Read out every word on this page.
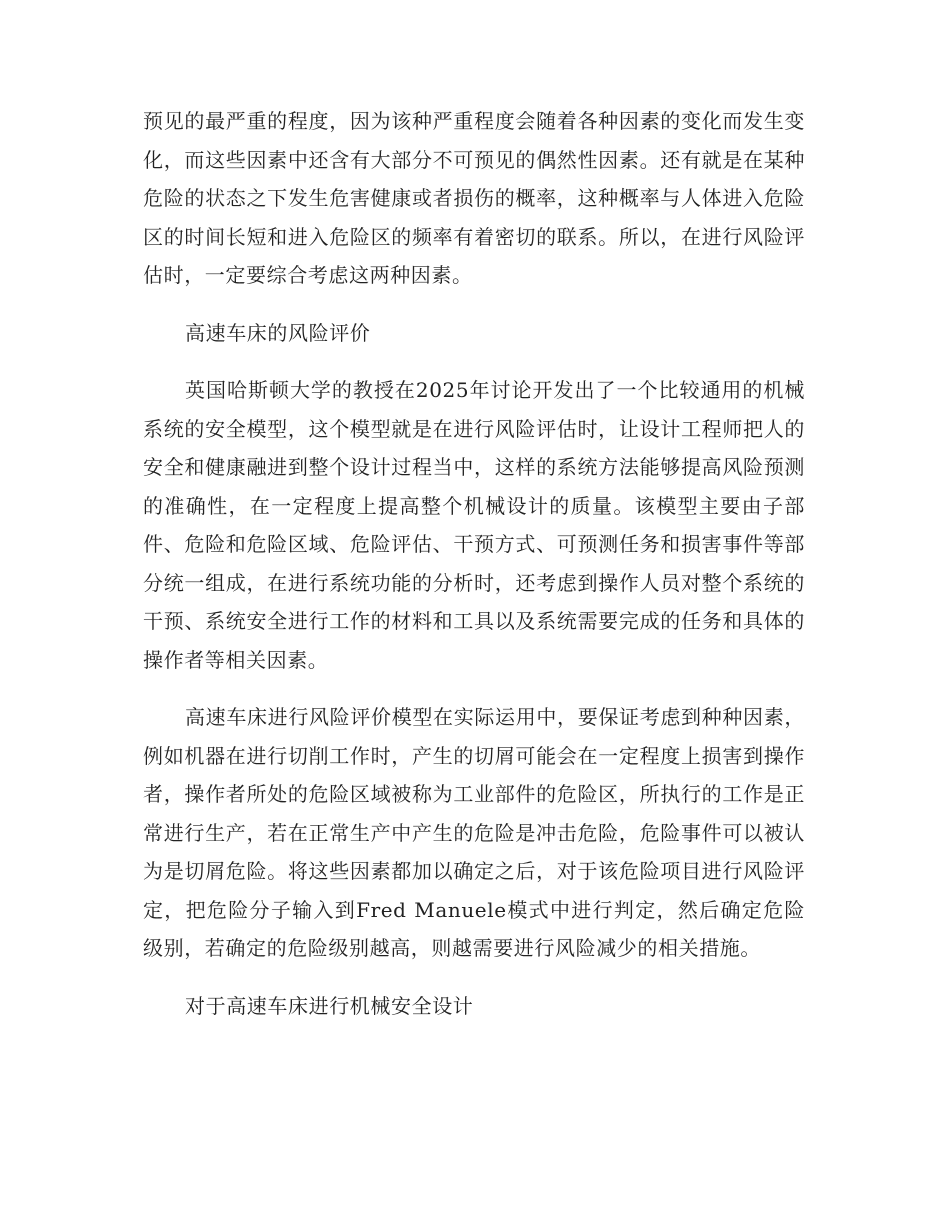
预见的最严重的程度，因为该种严重程度会随着各种因素的变化而发生变化，而这些因素中还含有大部分不可预见的偶然性因素。还有就是在某种危险的状态之下发生危害健康或者损伤的概率，这种概率与人体进入危险区的时间长短和进入危险区的频率有着密切的联系。所以，在进行风险评估时，一定要综合考虑这两种因素。

高速车床的风险评价

英国哈斯顿大学的教授在2025年讨论开发出了一个比较通用的机械系统的安全模型，这个模型就是在进行风险评估时，让设计工程师把人的安全和健康融进到整个设计过程当中，这样的系统方法能够提高风险预测的准确性，在一定程度上提高整个机械设计的质量。该模型主要由子部件、危险和危险区域、危险评估、干预方式、可预测任务和损害事件等部分统一组成，在进行系统功能的分析时，还考虑到操作人员对整个系统的干预、系统安全进行工作的材料和工具以及系统需要完成的任务和具体的操作者等相关因素。

高速车床进行风险评价模型在实际运用中，要保证考虑到种种因素，例如机器在进行切削工作时，产生的切屑可能会在一定程度上损害到操作者，操作者所处的危险区域被称为工业部件的危险区，所执行的工作是正常进行生产，若在正常生产中产生的危险是冲击危险，危险事件可以被认为是切屑危险。将这些因素都加以确定之后，对于该危险项目进行风险评定，把危险分子输入到Fred Manuele模式中进行判定，然后确定危险级别，若确定的危险级别越高，则越需要进行风险减少的相关措施。

对于高速车床进行机械安全设计
